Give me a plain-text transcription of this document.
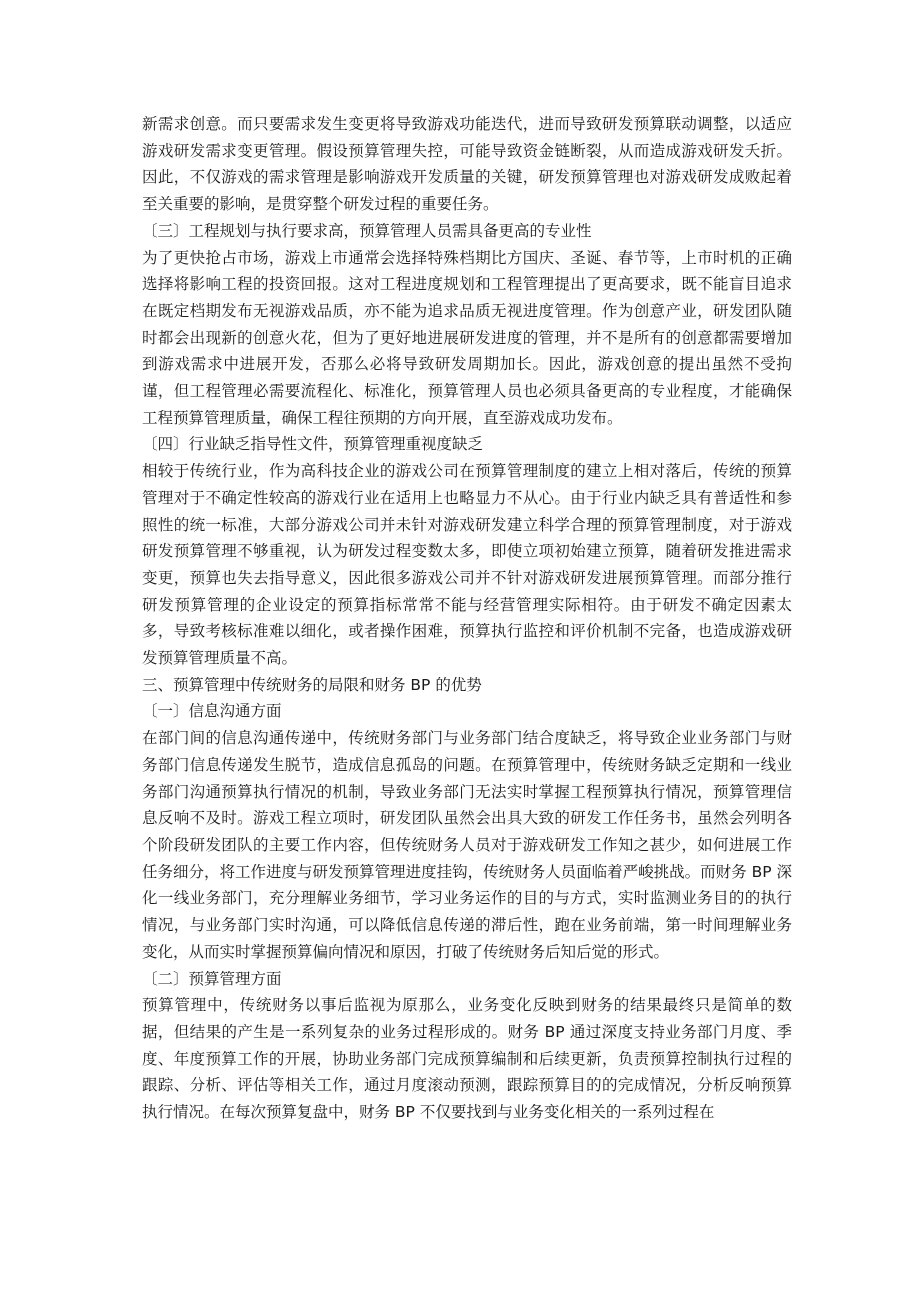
新需求创意。而只要需求发生变更将导致游戏功能迭代，进而导致研发预算联动调整，以适应游戏研发需求变更管理。假设预算管理失控，可能导致资金链断裂，从而造成游戏研发夭折。因此，不仅游戏的需求管理是影响游戏开发质量的关键，研发预算管理也对游戏研发成败起着至关重要的影响，是贯穿整个研发过程的重要任务。

〔三〕工程规划与执行要求高，预算管理人员需具备更高的专业性

为了更快抢占市场，游戏上市通常会选择特殊档期比方国庆、圣诞、春节等，上市时机的正确选择将影响工程的投资回报。这对工程进度规划和工程管理提出了更高要求，既不能盲目追求在既定档期发布无视游戏品质，亦不能为追求品质无视进度管理。作为创意产业，研发团队随时都会出现新的创意火花，但为了更好地进展研发进度的管理，并不是所有的创意都需要增加到游戏需求中进展开发，否那么必将导致研发周期加长。因此，游戏创意的提出虽然不受拘谨，但工程管理必需要流程化、标准化，预算管理人员也必须具备更高的专业程度，才能确保工程预算管理质量，确保工程往预期的方向开展，直至游戏成功发布。

〔四〕行业缺乏指导性文件，预算管理重视度缺乏

相较于传统行业，作为高科技企业的游戏公司在预算管理制度的建立上相对落后，传统的预算管理对于不确定性较高的游戏行业在适用上也略显力不从心。由于行业内缺乏具有普适性和参照性的统一标准，大部分游戏公司并未针对游戏研发建立科学合理的预算管理制度，对于游戏研发预算管理不够重视，认为研发过程变数太多，即使立项初始建立预算，随着研发推进需求变更，预算也失去指导意义，因此很多游戏公司并不针对游戏研发进展预算管理。而部分推行研发预算管理的企业设定的预算指标常常不能与经营管理实际相符。由于研发不确定因素太多，导致考核标准难以细化，或者操作困难，预算执行监控和评价机制不完备，也造成游戏研发预算管理质量不高。

三、预算管理中传统财务的局限和财务 BP 的优势

〔一〕信息沟通方面

在部门间的信息沟通传递中，传统财务部门与业务部门结合度缺乏，将导致企业业务部门与财务部门信息传递发生脱节，造成信息孤岛的问题。在预算管理中，传统财务缺乏定期和一线业务部门沟通预算执行情况的机制，导致业务部门无法实时掌握工程预算执行情况，预算管理信息反响不及时。游戏工程立项时，研发团队虽然会出具大致的研发工作任务书，虽然会列明各个阶段研发团队的主要工作内容，但传统财务人员对于游戏研发工作知之甚少，如何进展工作任务细分，将工作进度与研发预算管理进度挂钩，传统财务人员面临着严峻挑战。而财务 BP 深化一线业务部门，充分理解业务细节，学习业务运作的目的与方式，实时监测业务目的的执行情况，与业务部门实时沟通，可以降低信息传递的滞后性，跑在业务前端，第一时间理解业务变化，从而实时掌握预算偏向情况和原因，打破了传统财务后知后觉的形式。

〔二〕预算管理方面

预算管理中，传统财务以事后监视为原那么，业务变化反映到财务的结果最终只是简单的数据，但结果的产生是一系列复杂的业务过程形成的。财务 BP 通过深度支持业务部门月度、季度、年度预算工作的开展，协助业务部门完成预算编制和后续更新，负责预算控制执行过程的跟踪、分析、评估等相关工作，通过月度滚动预测，跟踪预算目的的完成情况，分析反响预算执行情况。在每次预算复盘中，财务 BP 不仅要找到与业务变化相关的一系列过程在
